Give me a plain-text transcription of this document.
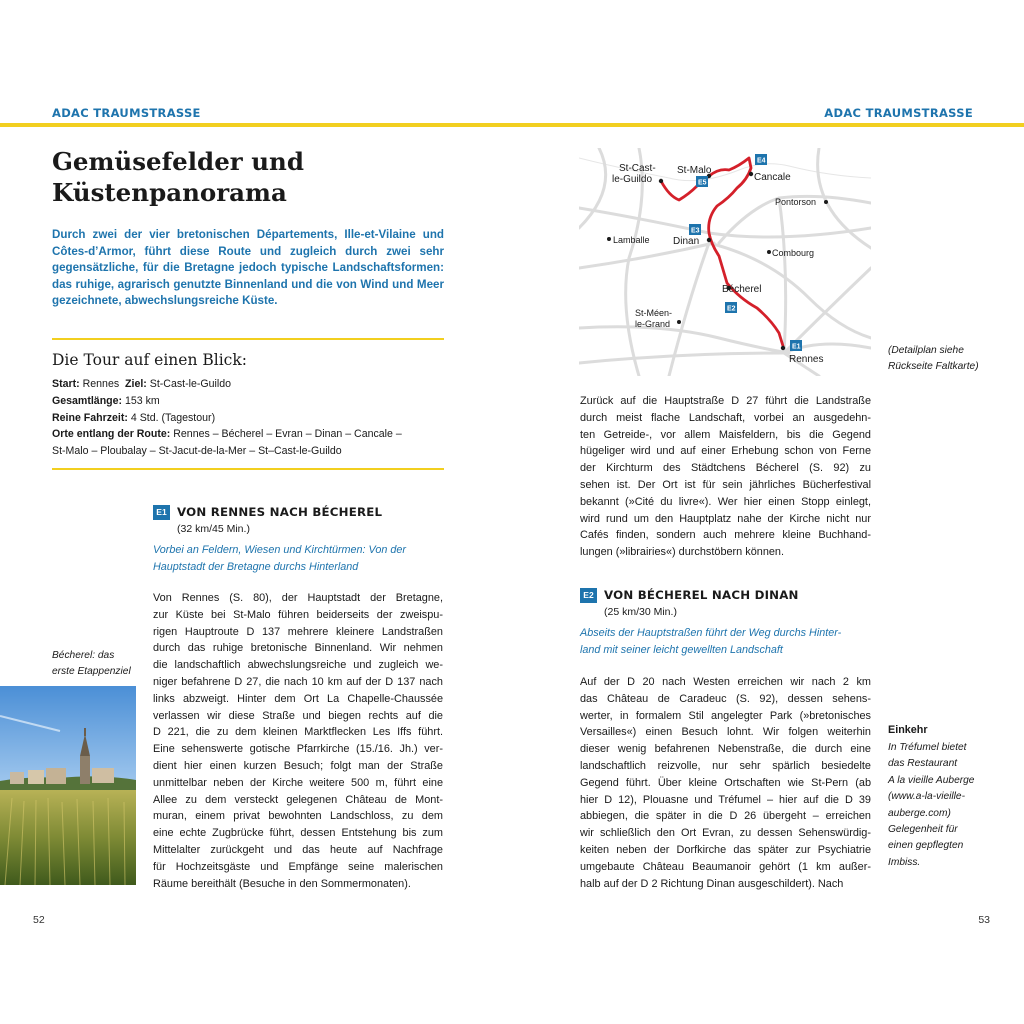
ADAC TRAUMSTRASSE	ADAC TRAUMSTRASSE
Gemüsefelder und
Küstenpanorama
Durch zwei der vier bretonischen Départements, Ille-et-Vilaine und Côtes-d’Armor, führt diese Route und zugleich durch zwei sehr gegensätzliche, für die Bretagne jedoch typische Landschaftsformen: das ruhige, agrarisch genutzte Binnenland und die von Wind und Meer gezeichnete, abwechslungsreiche Küste.
Die Tour auf einen Blick:
Start: Rennes Ziel: St-Cast-le-Guildo
Gesamtlänge: 153 km
Reine Fahrzeit: 4 Std. (Tagestour)
Orte entlang der Route: Rennes – Bécherel – Evran – Dinan – Cancale –
St-Malo – Ploubalay – St-Jacut-de-la-Mer – St–Cast-le-Guildo
E1 VON RENNES NACH BÉCHEREL
(32 km/45 Min.)
Vorbei an Feldern, Wiesen und Kirchtürmen: Von der
Hauptstadt der Bretagne durchs Hinterland
Von Rennes (S. 80), der Hauptstadt der Bretagne,
zur Küste bei St-Malo führen beiderseits der zweispu-
rigen Hauptroute D 137 mehrere kleinere Landstraßen
durch das ruhige bretonische Binnenland. Wir nehmen
die landschaftlich abwechslungsreiche und zugleich we-
niger befahrene D 27, die nach 10 km auf der D 137 nach
links abzweigt. Hinter dem Ort La Chapelle-Chaussée
verlassen wir diese Straße und biegen rechts auf die
D 221, die zu dem kleinen Marktflecken Les Iffs führt.
Eine sehenswerte gotische Pfarrkirche (15./16. Jh.) ver-
dient hier einen kurzen Besuch; folgt man der Straße
unmittelbar neben der Kirche weitere 500 m, führt eine
Allee zu dem versteckt gelegenen Château de Mont-
muran, einem privat bewohnten Landschloss, zu dem
eine echte Zugbrücke führt, dessen Entstehung bis zum
Mittelalter zurückgeht und das heute auf Nachfrage
für Hochzeitsgäste und Empfänge seine malerischen
Räume bereithält (Besuche in den Sommermonaten).
Bécherel: das
erste Etappenziel
St-Cast-
le-Guildo
St-Malo
Cancale
Pontorson
Lamballe Dinan
Combourg
Bécherel
St-Méen-
le-Grand
Rennes
E4
E5
E3
E2
E1	(Detailplan siehe
Rückseite Faltkarte)
Zurück auf die Hauptstraße D 27 führt die Landstraße
durch meist flache Landschaft, vorbei an ausgedehn-
ten Getreide-, vor allem Maisfeldern, bis die Gegend
hügeliger wird und auf einer Erhebung schon von Ferne
der Kirchturm des Städtchens Bécherel (S. 92) zu
sehen ist. Der Ort ist für sein jährliches Bücherfestival
bekannt (»Cité du livre«). Wer hier einen Stopp einlegt,
wird rund um den Hauptplatz nahe der Kirche nicht nur
Cafés finden, sondern auch mehrere kleine Buchhand-
lungen (»librairies«) durchstöbern können.
E2 VON BÉCHEREL NACH DINAN
(25 km/30 Min.)
Abseits der Hauptstraßen führt der Weg durchs Hinter-
land mit seiner leicht gewellten Landschaft
Auf der D 20 nach Westen erreichen wir nach 2 km
das Château de Caradeuc (S. 92), dessen sehens-
werter, in formalem Stil angelegter Park (»bretonisches
Versailles«) einen Besuch lohnt. Wir folgen weiterhin
dieser wenig befahrenen Nebenstraße, die durch eine
landschaftlich reizvolle, nur sehr spärlich besiedelte
Gegend führt. Über kleine Ortschaften wie St-Pern (ab
hier D 12), Plouasne und Tréfumel – hier auf die D 39
abbiegen, die später in die D 26 übergeht – erreichen
wir schließlich den Ort Evran, zu dessen Sehenswürdig-
keiten neben der Dorfkirche das später zur Psychiatrie
umgebaute Château Beaumanoir gehört (1 km außer-
halb auf der D 2 Richtung Dinan ausgeschildert). Nach
Einkehr
In Tréfumel bietet
das Restaurant
A la vieille Auberge
(www.a-la-vieille-
auberge.com)
Gelegenheit für
einen gepflegten
Imbiss.
52	53
